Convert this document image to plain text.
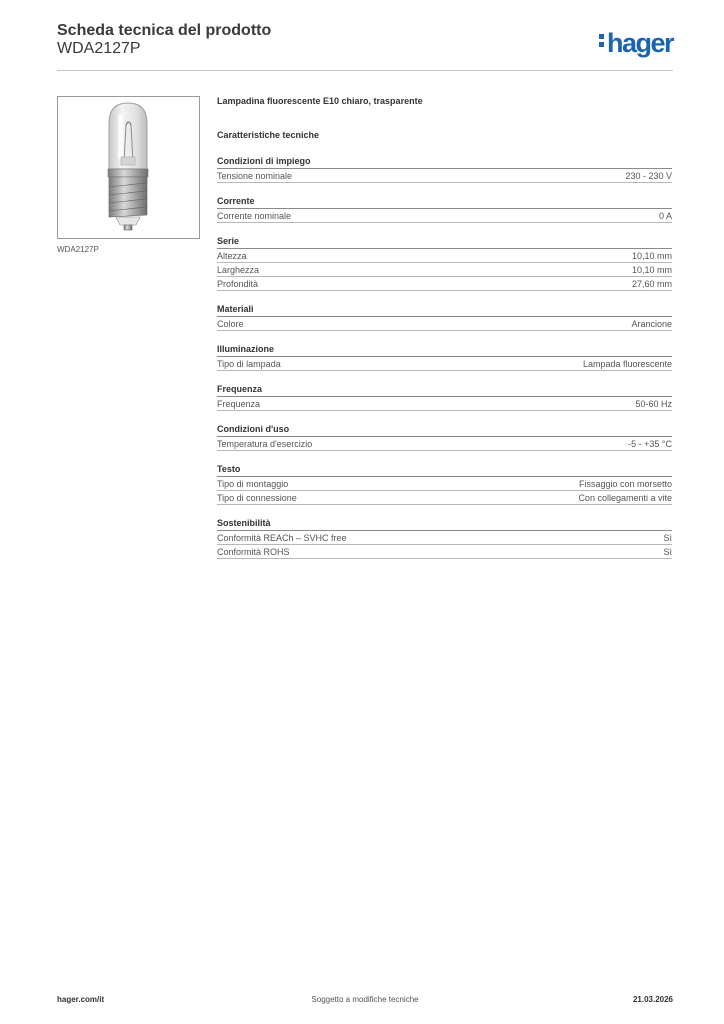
Scheda tecnica del prodotto
WDA2127P	hager
WDA2127P
Lampadina fluorescente E10 chiaro, trasparente
Caratteristiche tecniche
Condizioni di impiego
Tensione nominale	230 - 230 V
Corrente
Corrente nominale	0 A
Serie
Altezza	10,10 mm
Larghezza	10,10 mm
Profondità	27,60 mm
Materiali
Colore	Arancione
Illuminazione
Tipo di lampada	Lampada fluorescente
Frequenza
Frequenza	50-60 Hz
Condizioni d'uso
Temperatura d'esercizio	-5 - +35 °C
Testo
Tipo di montaggio	Fissaggio con morsetto
Tipo di connessione	Con collegamenti a vite
Sostenibilità
Conformità REACh – SVHC free	Sì
Conformità ROHS	Sì
hager.com/it	Soggetto a modifiche tecniche	21.03.2026
